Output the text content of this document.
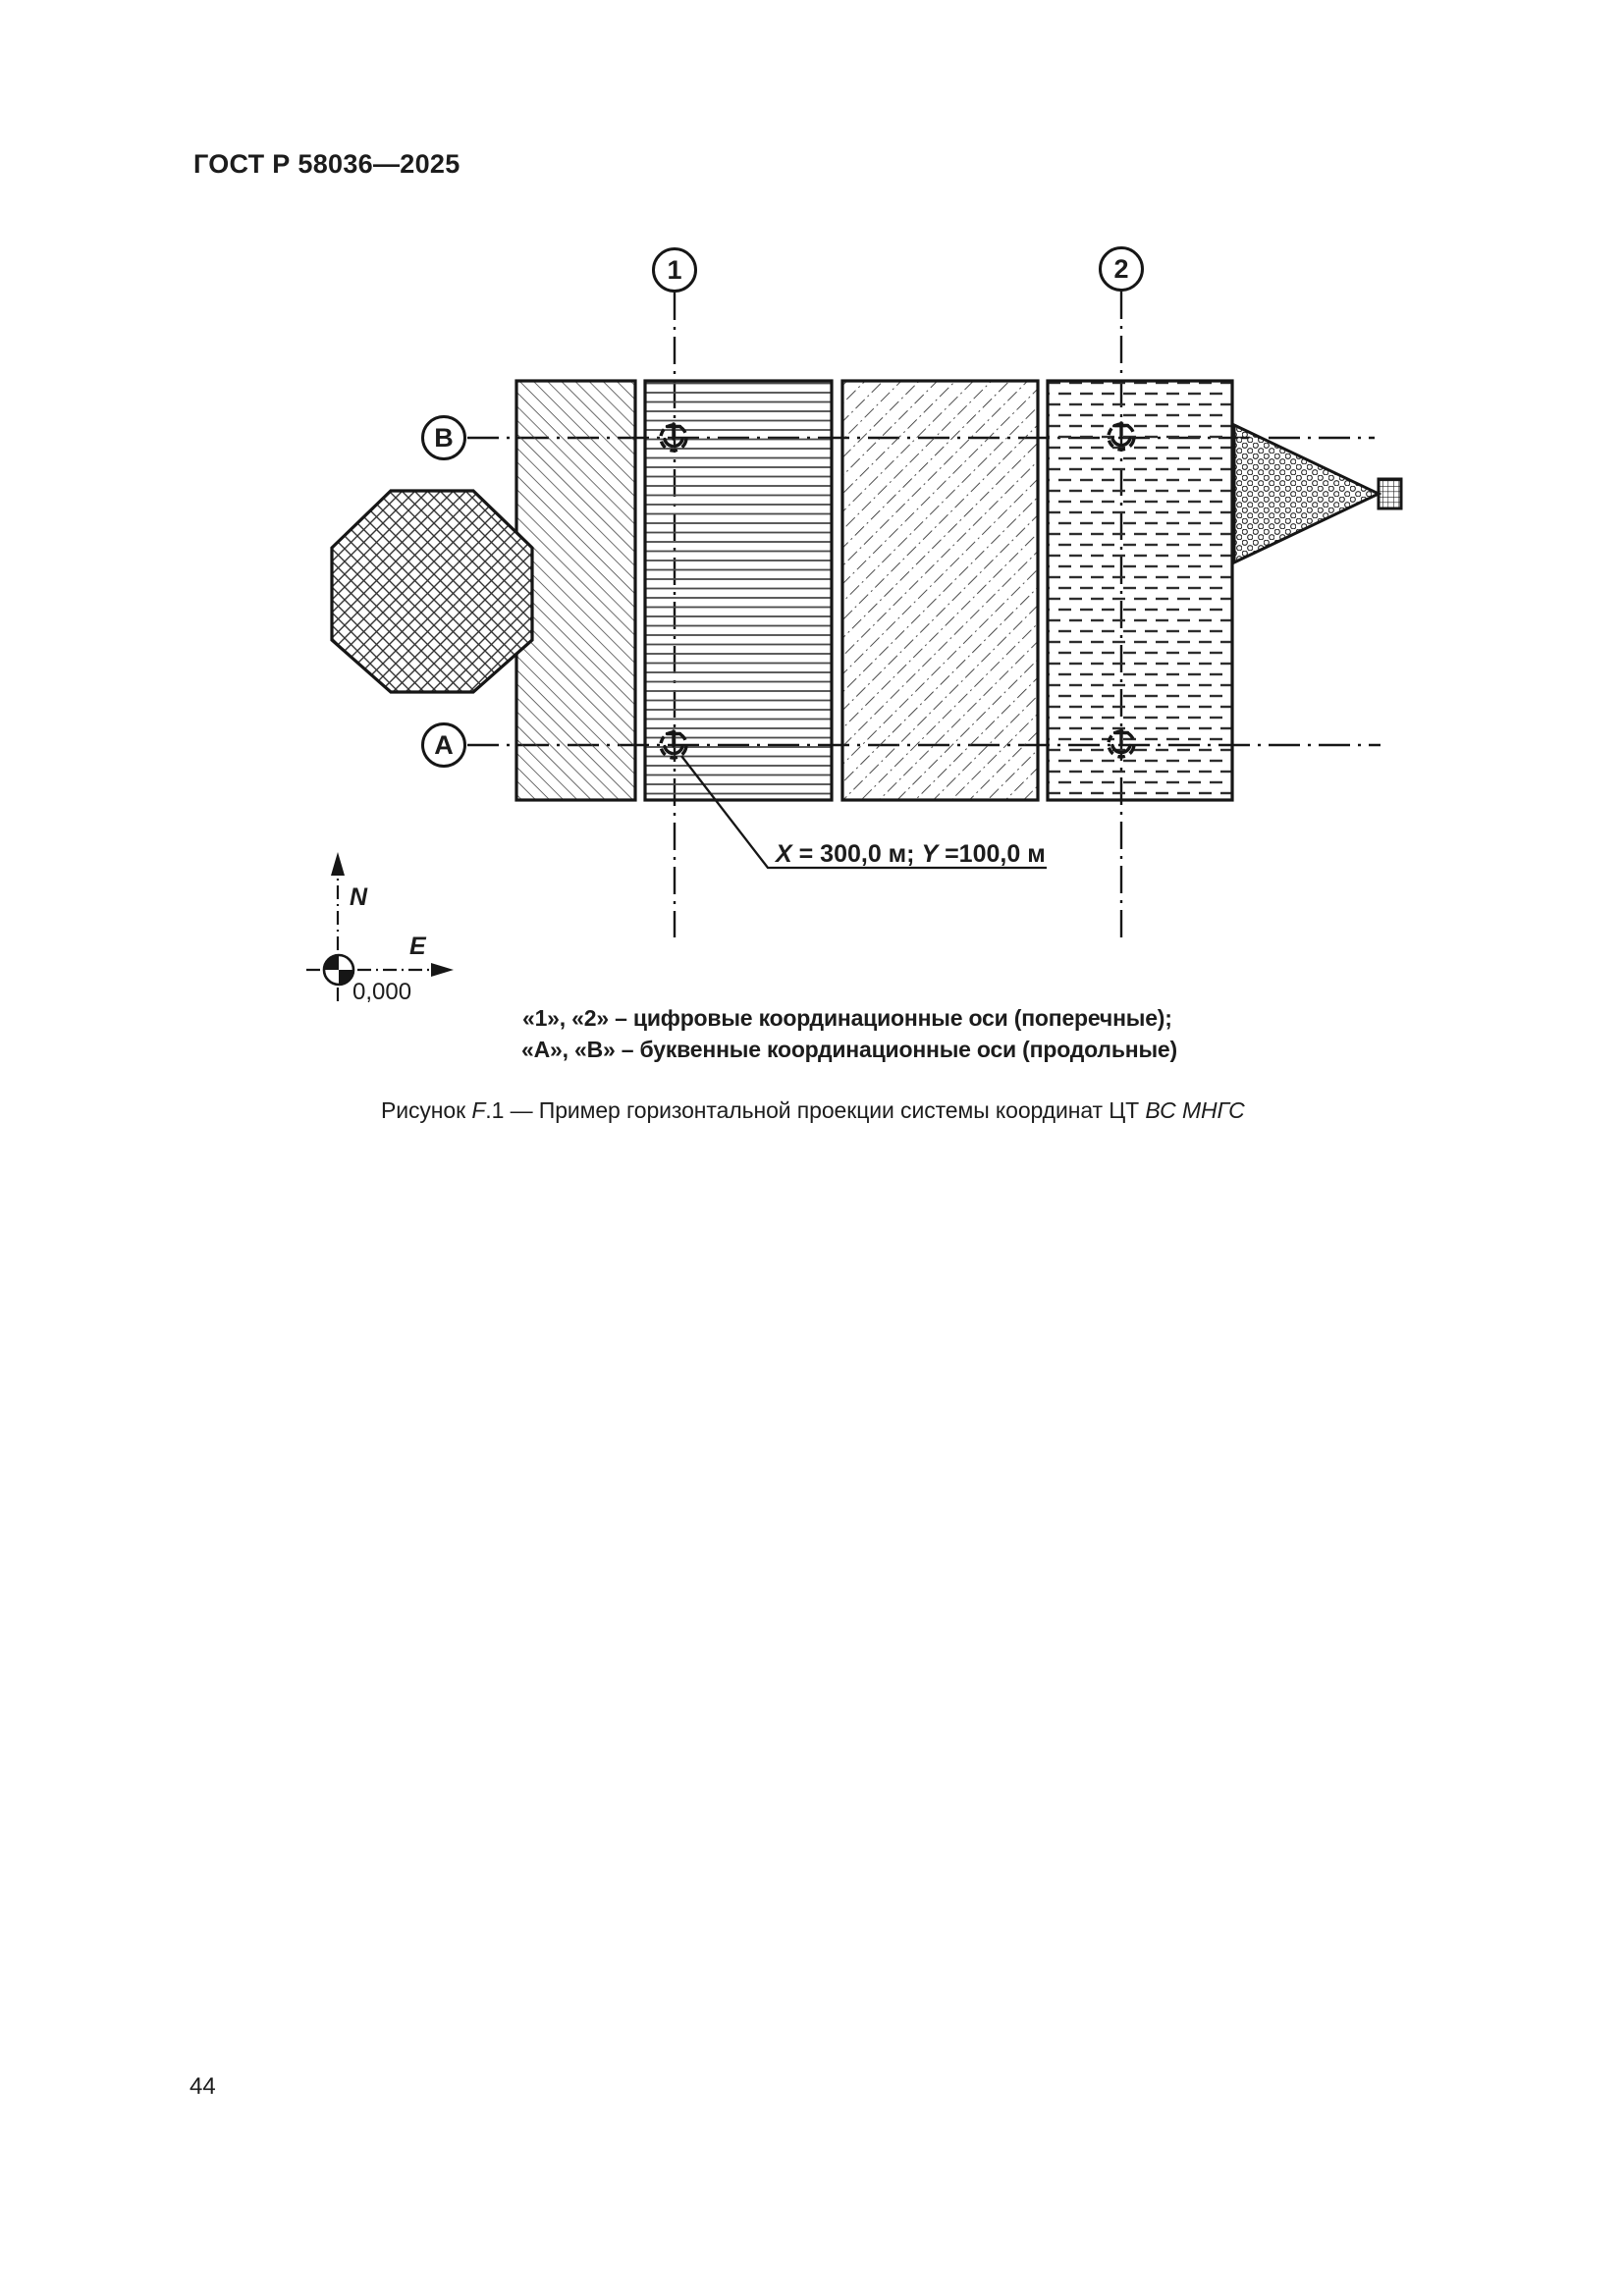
ГОСТ Р 58036—2025
1	2
В
А
X = 300,0 м; Y =100,0 м
N
E
0,000
«1», «2» – цифровые координационные оси (поперечные);
«А», «В» – буквенные координационные оси (продольные)
Рисунок F.1 — Пример горизонтальной проекции системы координат ЦТ ВС МНГС
44
